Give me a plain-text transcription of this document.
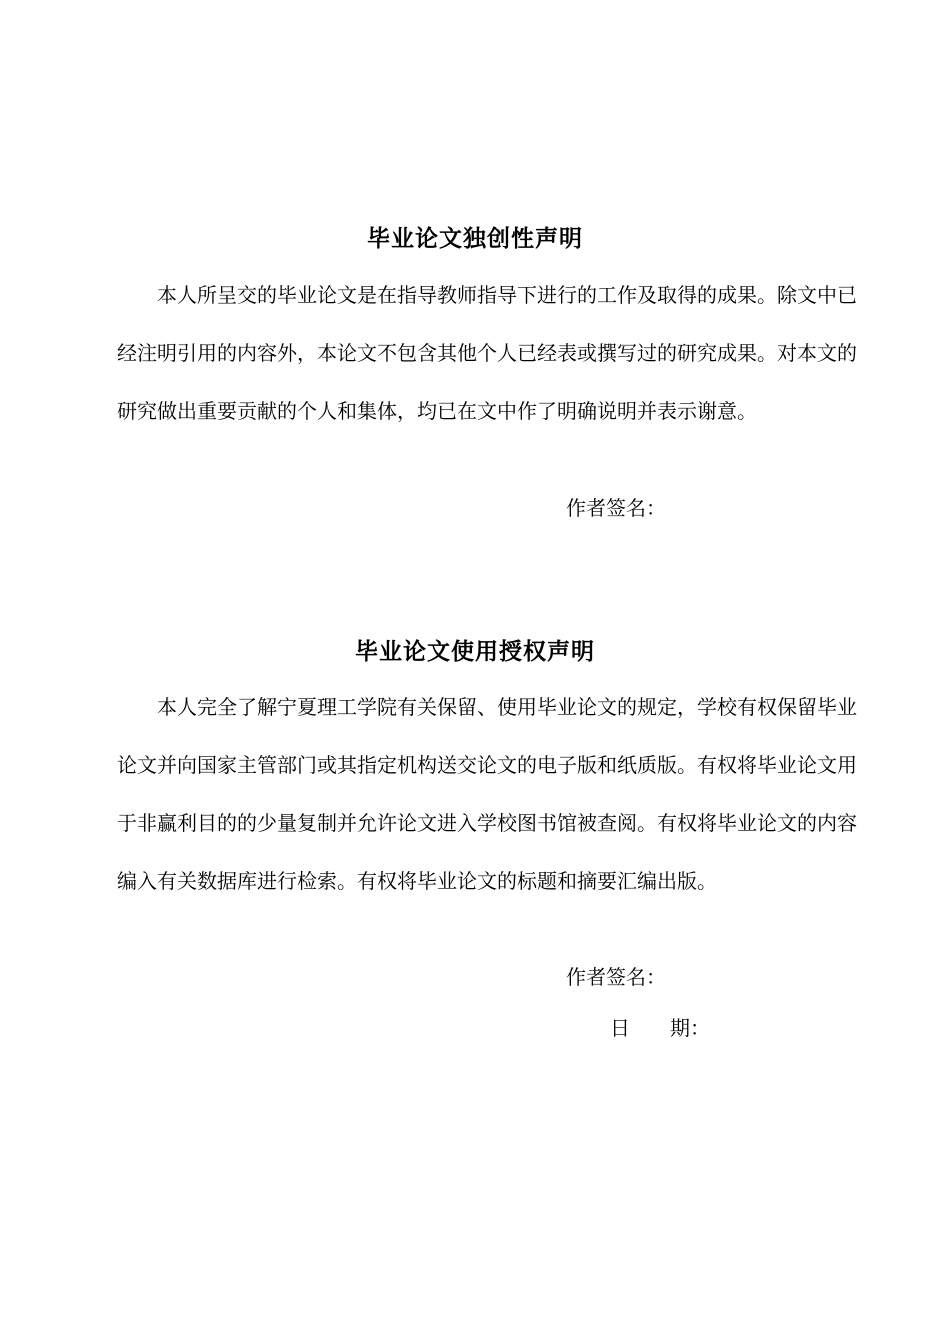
毕业论文独创性声明

本人所呈交的毕业论文是在指导教师指导下进行的工作及取得的成果。除文中已经注明引用的内容外，本论文不包含其他个人已经表或撰写过的研究成果。对本文的研究做出重要贡献的个人和集体，均已在文中作了明确说明并表示谢意。

作者签名：
毕业论文使用授权声明

本人完全了解宁夏理工学院有关保留、使用毕业论文的规定，学校有权保留毕业论文并向国家主管部门或其指定机构送交论文的电子版和纸质版。有权将毕业论文用于非赢利目的的少量复制并允许论文进入学校图书馆被查阅。有权将毕业论文的内容编入有关数据库进行检索。有权将毕业论文的标题和摘要汇编出版。

作者签名：
日　　期：
